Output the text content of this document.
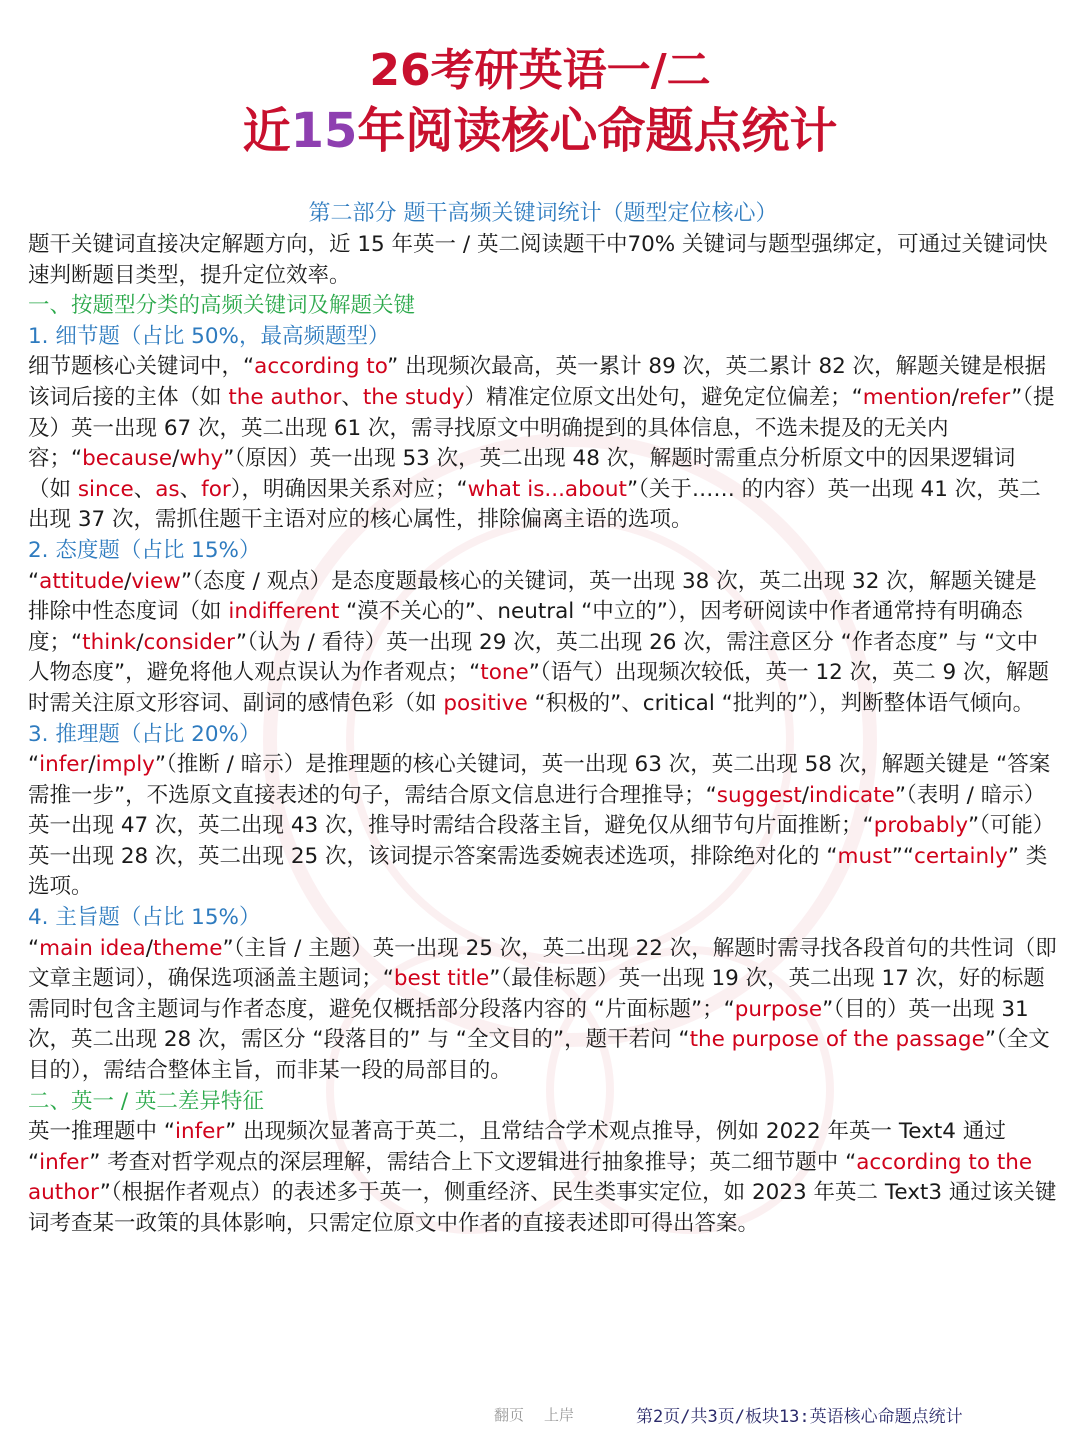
26考研英语一/二
近15年阅读核心命题点统计

第二部分 题干高频关键词统计（题型定位核心）

题干关键词直接决定解题方向，近 15 年英一 / 英二阅读题干中70% 关键词与题型强绑定，可通过关键词快速判断题目类型，提升定位效率。

一、按题型分类的高频关键词及解题关键

1. 细节题（占比 50%，最高频题型）

细节题核心关键词中，“according to” 出现频次最高，英一累计 89 次，英二累计 82 次，解题关键是根据该词后接的主体（如 the author、the study）精准定位原文出处句，避免定位偏差；“mention/refer”（提及）英一出现 67 次，英二出现 61 次，需寻找原文中明确提到的具体信息，不选未提及的无关内容；“because/why”（原因）英一出现 53 次，英二出现 48 次，解题时需重点分析原文中的因果逻辑词（如 since、as、for），明确因果关系对应；“what is...about”（关于…… 的内容）英一出现 41 次，英二出现 37 次，需抓住题干主语对应的核心属性，排除偏离主语的选项。

2. 态度题（占比 15%）

“attitude/view”（态度 / 观点）是态度题最核心的关键词，英一出现 38 次，英二出现 32 次，解题关键是排除中性态度词（如 indifferent “漠不关心的”、neutral “中立的”），因考研阅读中作者通常持有明确态度；“think/consider”（认为 / 看待）英一出现 29 次，英二出现 26 次，需注意区分 “作者态度” 与 “文中人物态度”，避免将他人观点误认为作者观点；“tone”（语气）出现频次较低，英一 12 次，英二 9 次，解题时需关注原文形容词、副词的感情色彩（如 positive “积极的”、critical “批判的”），判断整体语气倾向。

3. 推理题（占比 20%）

“infer/imply”（推断 / 暗示）是推理题的核心关键词，英一出现 63 次，英二出现 58 次，解题关键是 “答案需推一步”，不选原文直接表述的句子，需结合原文信息进行合理推导；“suggest/indicate”（表明 / 暗示）英一出现 47 次，英二出现 43 次，推导时需结合段落主旨，避免仅从细节句片面推断；“probably”（可能）英一出现 28 次，英二出现 25 次，该词提示答案需选委婉表述选项，排除绝对化的 “must”“certainly” 类选项。

4. 主旨题（占比 15%）

“main idea/theme”（主旨 / 主题）英一出现 25 次，英二出现 22 次，解题时需寻找各段首句的共性词（即文章主题词），确保选项涵盖主题词；“best title”（最佳标题）英一出现 19 次，英二出现 17 次，好的标题需同时包含主题词与作者态度，避免仅概括部分段落内容的 “片面标题”；“purpose”（目的）英一出现 31 次，英二出现 28 次，需区分 “段落目的” 与 “全文目的”，题干若问 “the purpose of the passage”（全文目的），需结合整体主旨，而非某一段的局部目的。

二、英一 / 英二差异特征

英一推理题中 “infer” 出现频次显著高于英二，且常结合学术观点推导，例如 2022 年英一 Text4 通过 “infer” 考查对哲学观点的深层理解，需结合上下文逻辑进行抽象推导；英二细节题中 “according to the author”（根据作者观点）的表述多于英一，侧重经济、民生类事实定位，如 2023 年英二 Text3 通过该关键词考查某一政策的具体影响，只需定位原文中作者的直接表述即可得出答案。

翻页 上岸	第2页/共3页/板块13:英语核心命题点统计
